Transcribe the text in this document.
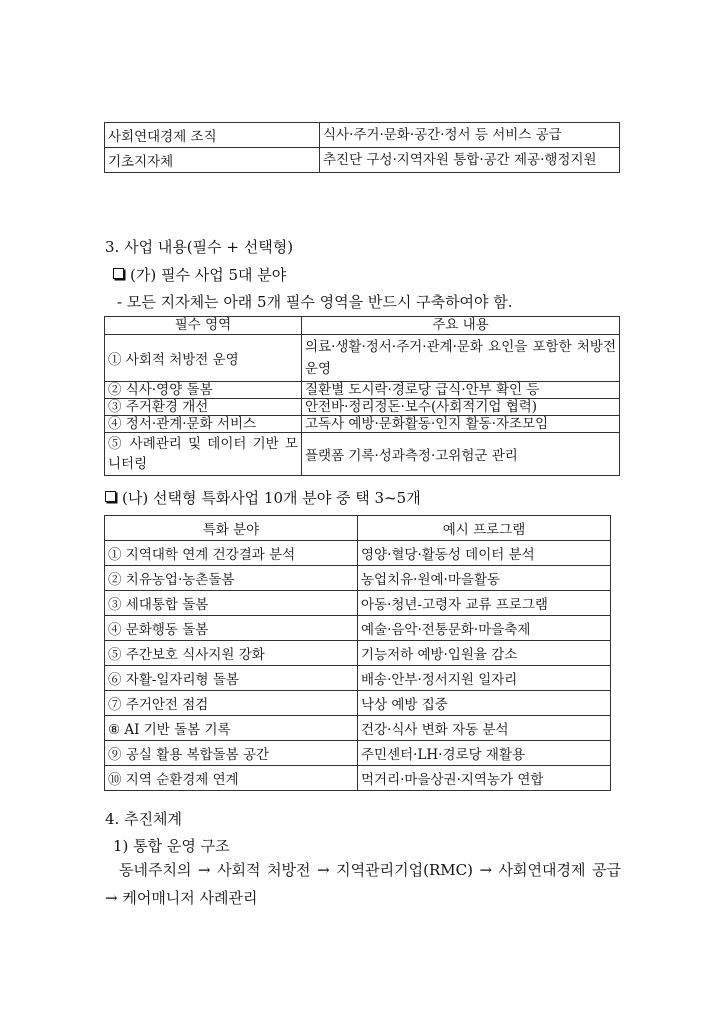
사회연대경제 조직	식사·주거·문화·공간·정서 등 서비스 공급
기초지자체	추진단 구성·지역자원 통합·공간 제공·행정지원
3. 사업 내용(필수 + 선택형)
(가) 필수 사업 5대 분야
- 모든 지자체는 아래 5개 필수 영역을 반드시 구축하여야 함.
필수 영역	주요 내용
① 사회적 처방전 운영	의료·생활·정서·주거·관계·문화 요인을 포함한 처방전 운영
② 식사·영양 돌봄	질환별 도시락·경로당 급식·안부 확인 등
③ 주거환경 개선	안전바·정리정돈·보수(사회적기업 협력)
④ 정서·관계·문화 서비스	고독사 예방·문화활동·인지 활동·자조모임
⑤ 사례관리 및 데이터 기반 모니터링	플랫폼 기록·성과측정·고위험군 관리
(나) 선택형 특화사업 10개 분야 중 택 3~5개
특화 분야	예시 프로그램
① 지역대학 연계 건강결과 분석	영양·혈당·활동성 데이터 분석
② 치유농업·농촌돌봄	농업치유·원예·마을활동
③ 세대통합 돌봄	아동·청년-고령자 교류 프로그램
④ 문화행동 돌봄	예술·음악·전통문화·마을축제
⑤ 주간보호 식사지원 강화	기능저하 예방·입원율 감소
⑥ 자활-일자리형 돌봄	배송·안부·정서지원 일자리
⑦ 주거안전 점검	낙상 예방 집중
⑧ AI 기반 돌봄 기록	건강·식사 변화 자동 분석
⑨ 공실 활용 복합돌봄 공간	주민센터·LH·경로당 재활용
⑩ 지역 순환경제 연계	먹거리·마을상권·지역농가 연합
4. 추진체계
1) 통합 운영 구조
동네주치의 → 사회적 처방전 → 지역관리기업(RMC) → 사회연대경제 공급 → 케어매니저 사례관리
